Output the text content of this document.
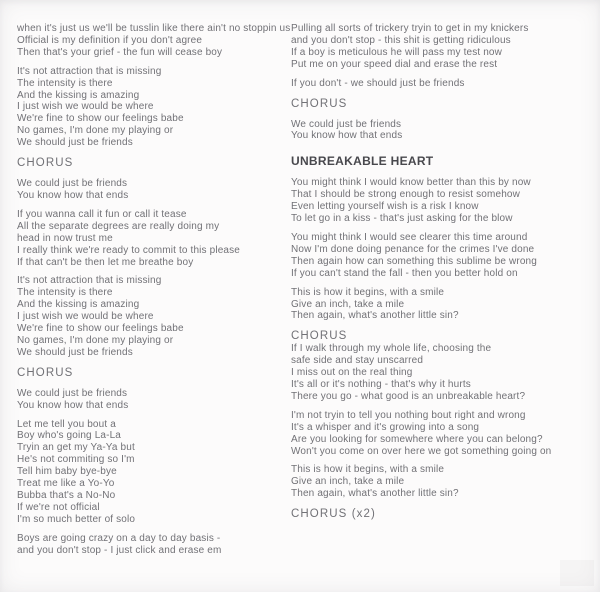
when it's just us we'll be tusslin like there ain't no stoppin us

Official is my definition if you don't agree

Then that's your grief - the fun will cease boy

It's not attraction that is missing

The intensity is there

And the kissing is amazing

I just wish we would be where

We're fine to show our feelings babe

No games, I'm done my playing or

We should just be friends

CHORUS

We could just be friends

You know how that ends

If you wanna call it fun or call it tease

All the separate degrees are really doing my

head in now trust me

I really think we're ready to commit to this please

If that can't be then let me breathe boy

It's not attraction that is missing

The intensity is there

And the kissing is amazing

I just wish we would be where

We're fine to show our feelings babe

No games, I'm done my playing or

We should just be friends

CHORUS

We could just be friends

You know how that ends

Let me tell you bout a

Boy who's going La-La

Tryin an get my Ya-Ya but

He's not commiting so I'm

Tell him baby bye-bye

Treat me like a Yo-Yo

Bubba that's a No-No

If we're not official

I'm so much better of solo

Boys are going crazy on a day to day basis -

and you don't stop - I just click and erase em

Pulling all sorts of trickery tryin to get in my knickers

and you don't stop - this shit is getting ridiculous

If a boy is meticulous he will pass my test now

Put me on your speed dial and erase the rest

If you don't - we should just be friends

CHORUS

We could just be friends

You know how that ends

UNBREAKABLE HEART

You might think I would know better than this by now

That I should be strong enough to resist somehow

Even letting yourself wish is a risk I know

To let go in a kiss - that's just asking for the blow

You might think I would see clearer this time around

Now I'm done doing penance for the crimes I've done

Then again how can something this sublime be wrong

If you can't stand the fall - then you better hold on

This is how it begins, with a smile

Give an inch, take a mile

Then again, what's another little sin?

CHORUS

If I walk through my whole life, choosing the

safe side and stay unscarred

I miss out on the real thing

It's all or it's nothing - that's why it hurts

There you go - what good is an unbreakable heart?

I'm not tryin to tell you nothing bout right and wrong

It's a whisper and it's growing into a song

Are you looking for somewhere where you can belong?

Won't you come on over here we got something going on

This is how it begins, with a smile

Give an inch, take a mile

Then again, what's another little sin?

CHORUS (x2)
